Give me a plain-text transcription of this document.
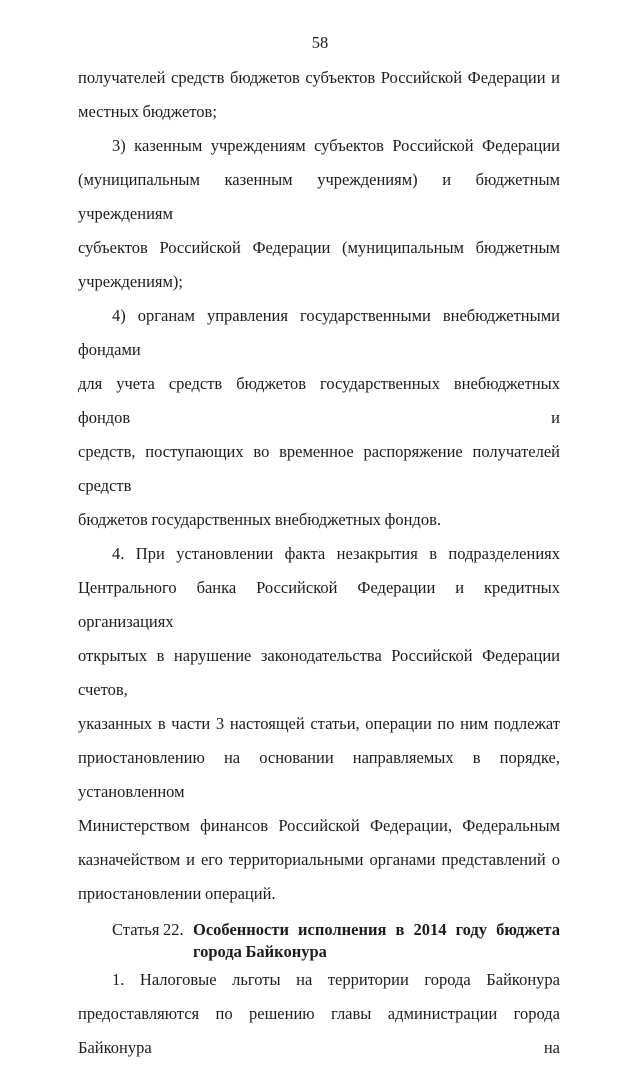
58
получателей средств бюджетов субъектов Российской Федерации и
местных бюджетов;
3) казенным учреждениям субъектов Российской Федерации
(муниципальным казенным учреждениям) и бюджетным учреждениям
субъектов Российской Федерации (муниципальным бюджетным
учреждениям);
4) органам управления государственными внебюджетными фондами
для учета средств бюджетов государственных внебюджетных фондов и
средств, поступающих во временное распоряжение получателей средств
бюджетов государственных внебюджетных фондов.
4. При установлении факта незакрытия в подразделениях
Центрального банка Российской Федерации и кредитных организациях
открытых в нарушение законодательства Российской Федерации счетов,
указанных в части 3 настоящей статьи, операции по ним подлежат
приостановлению на основании направляемых в порядке, установленном
Министерством финансов Российской Федерации, Федеральным
казначейством и его территориальными органами представлений о
приостановлении операций.
Статья 22. Особенности исполнения в 2014 году бюджета
города Байконура
1. Налоговые льготы на территории города Байконура
предоставляются по решению главы администрации города Байконура на
